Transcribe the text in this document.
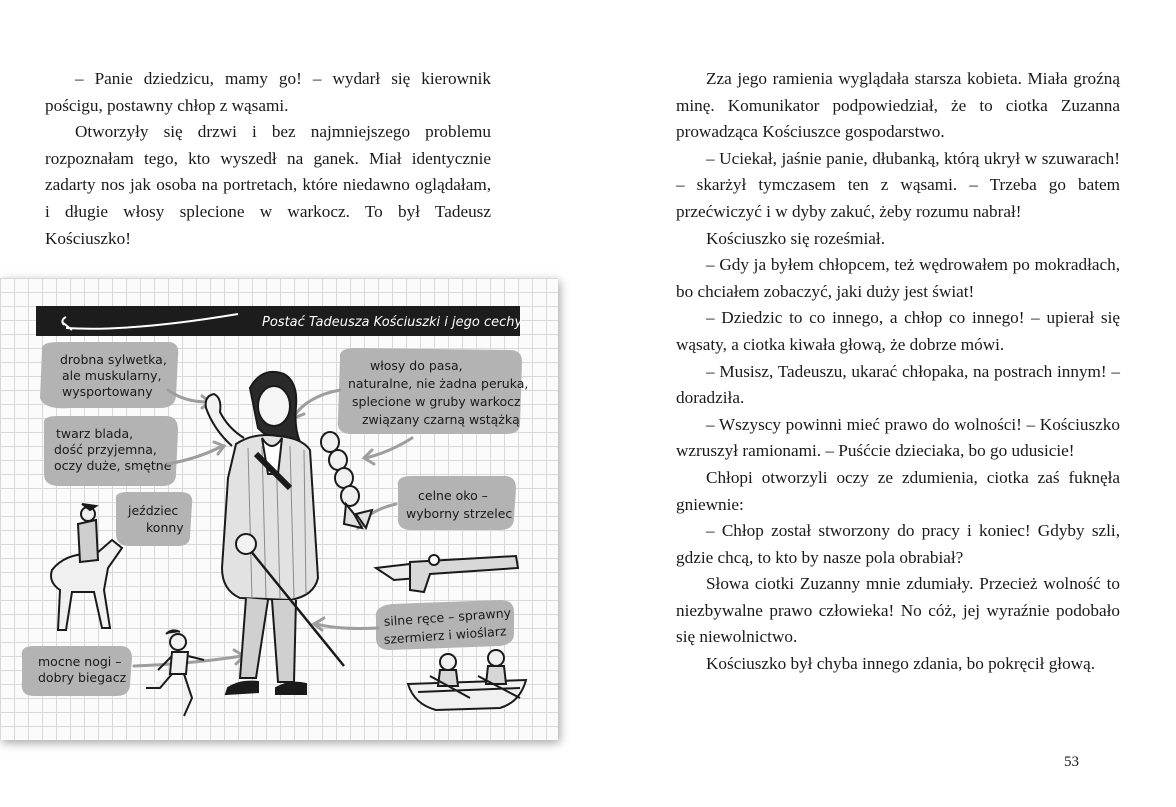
– Panie dziedzicu, mamy go! – wydarł się kierownik pościgu, postawny chłop z wąsami.

Otworzyły się drzwi i bez najmniejszego problemu rozpoznałam tego, kto wyszedł na ganek. Miał identycznie zadarty nos jak osoba na portretach, które niedawno oglądałam, i długie włosy splecione w warkocz. To był Tadeusz Kościuszko!

Postać Tadeusza Kościuszki i jego cechy
drobna sylwetka,
ale muskularny,
wysportowany
twarz blada,
dość przyjemna,
oczy duże, smętne
jeździec
konny
mocne nogi –
dobry biegacz
włosy do pasa,
naturalne, nie żadna peruka,
splecione w gruby warkocz
związany czarną wstążką
celne oko –
wyborny strzelec
silne ręce – sprawny
szermierz i wioślarz

Zza jego ramienia wyglądała starsza kobieta. Miała groźną minę. Komunikator podpowiedział, że to ciotka Zuzanna prowadząca Kościuszce gospodarstwo.

– Uciekał, jaśnie panie, dłubanką, którą ukrył w szuwarach! – skarżył tymczasem ten z wąsami. – Trzeba go batem przećwiczyć i w dyby zakuć, żeby rozumu nabrał!

Kościuszko się roześmiał.

– Gdy ja byłem chłopcem, też wędrowałem po mokradłach, bo chciałem zobaczyć, jaki duży jest świat!

– Dziedzic to co innego, a chłop co innego! – upierał się wąsaty, a ciotka kiwała głową, że dobrze mówi.

– Musisz, Tadeuszu, ukarać chłopaka, na postrach innym! – doradziła.

– Wszyscy powinni mieć prawo do wolności! – Kościuszko wzruszył ramionami. – Puśćcie dzieciaka, bo go udusicie!

Chłopi otworzyli oczy ze zdumienia, ciotka zaś fuknęła gniewnie:

– Chłop został stworzony do pracy i koniec! Gdyby szli, gdzie chcą, to kto by nasze pola obrabiał?

Słowa ciotki Zuzanny mnie zdumiały. Przecież wolność to niezbywalne prawo człowieka! No cóż, jej wyraźnie podobało się niewolnictwo.

Kościuszko był chyba innego zdania, bo pokręcił głową.

53
